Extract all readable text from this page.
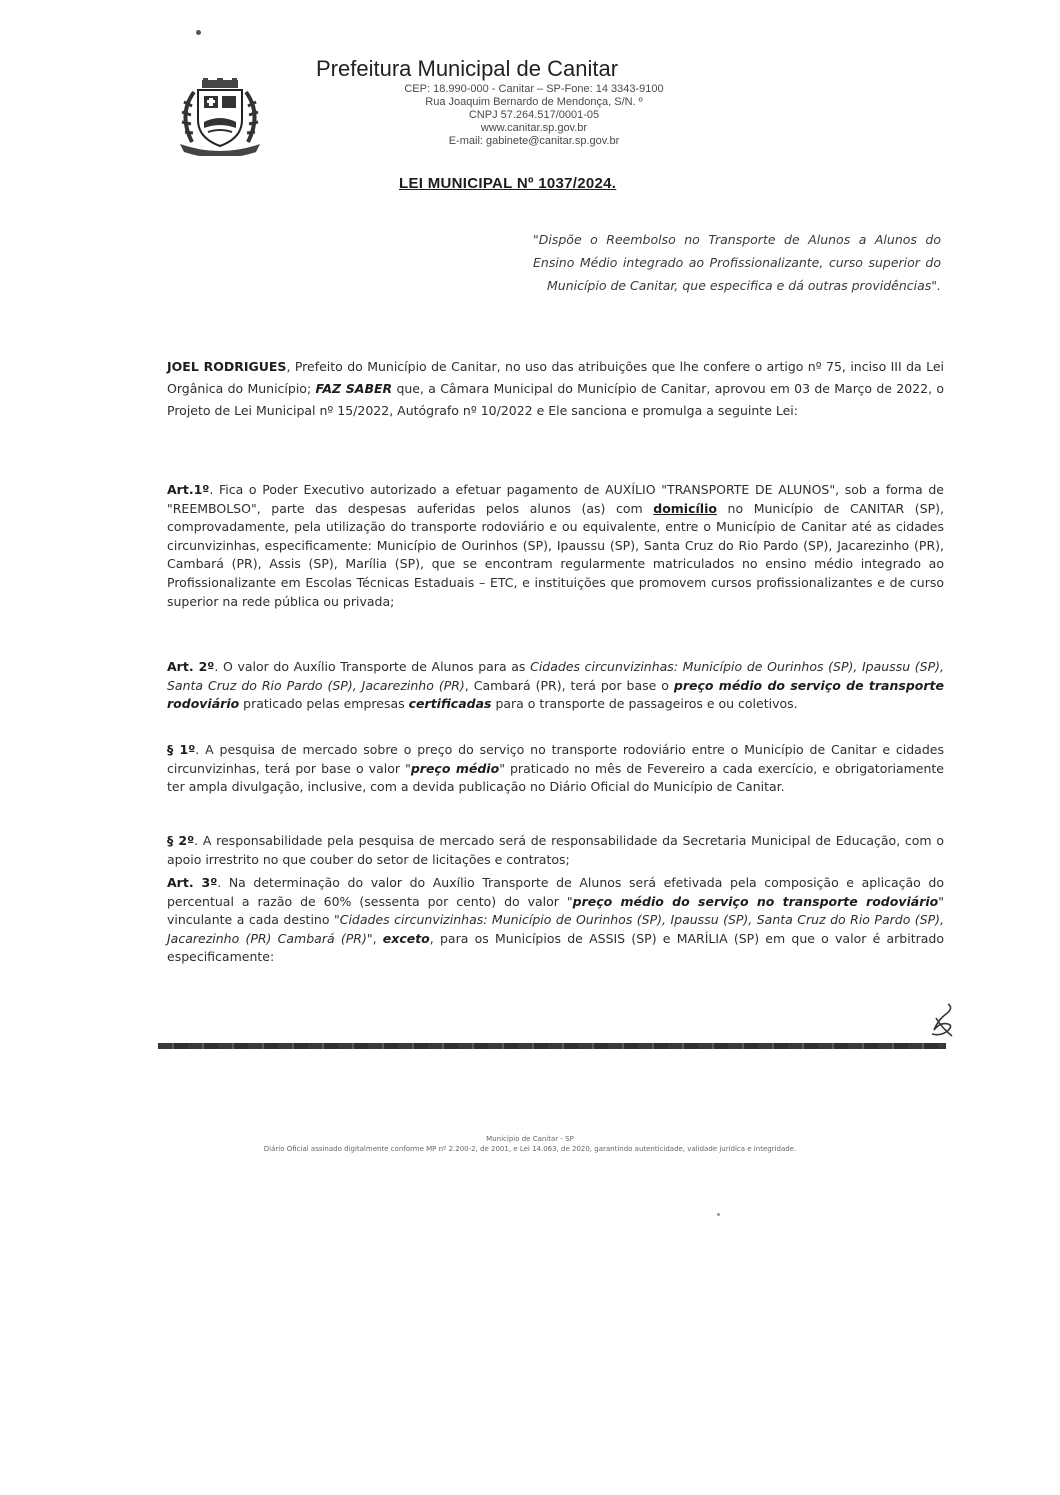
Prefeitura Municipal de Canitar
CEP: 18.990-000 - Canitar – SP-Fone: 14 3343-9100
Rua Joaquim Bernardo de Mendonça, S/N. º
CNPJ 57.264.517/0001-05
www.canitar.sp.gov.br
E-mail: gabinete@canitar.sp.gov.br
LEI MUNICIPAL Nº 1037/2024.
"Dispõe o Reembolso no Transporte de Alunos a Alunos do Ensino Médio integrado ao Profissionalizante, curso superior do Município de Canitar, que especifica e dá outras providências".
JOEL RODRIGUES, Prefeito do Município de Canitar, no uso das atribuições que lhe confere o artigo nº 75, inciso III da Lei Orgânica do Município; FAZ SABER que, a Câmara Municipal do Município de Canitar, aprovou em 03 de Março de 2022, o Projeto de Lei Municipal nº 15/2022, Autógrafo nº 10/2022 e Ele sanciona e promulga a seguinte Lei:

Art.1º. Fica o Poder Executivo autorizado a efetuar pagamento de AUXÍLIO "TRANSPORTE DE ALUNOS", sob a forma de "REEMBOLSO", parte das despesas auferidas pelos alunos (as) com domicílio no Município de CANITAR (SP), comprovadamente, pela utilização do transporte rodoviário e ou equivalente, entre o Município de Canitar até as cidades circunvizinhas, especificamente: Município de Ourinhos (SP), Ipaussu (SP), Santa Cruz do Rio Pardo (SP), Jacarezinho (PR), Cambará (PR), Assis (SP), Marília (SP), que se encontram regularmente matriculados no ensino médio integrado ao Profissionalizante em Escolas Técnicas Estaduais – ETC, e instituições que promovem cursos profissionalizantes e de curso superior na rede pública ou privada;

Art. 2º. O valor do Auxílio Transporte de Alunos para as Cidades circunvizinhas: Município de Ourinhos (SP), Ipaussu (SP), Santa Cruz do Rio Pardo (SP), Jacarezinho (PR), Cambará (PR), terá por base o preço médio do serviço de transporte rodoviário praticado pelas empresas certificadas para o transporte de passageiros e ou coletivos.

§ 1º. A pesquisa de mercado sobre o preço do serviço no transporte rodoviário entre o Município de Canitar e cidades circunvizinhas, terá por base o valor "preço médio" praticado no mês de Fevereiro a cada exercício, e obrigatoriamente ter ampla divulgação, inclusive, com a devida publicação no Diário Oficial do Município de Canitar.

§ 2º. A responsabilidade pela pesquisa de mercado será de responsabilidade da Secretaria Municipal de Educação, com o apoio irrestrito no que couber do setor de licitações e contratos;

Art. 3º. Na determinação do valor do Auxílio Transporte de Alunos será efetivada pela composição e aplicação do percentual a razão de 60% (sessenta por cento) do valor "preço médio do serviço no transporte rodoviário" vinculante a cada destino "Cidades circunvizinhas: Município de Ourinhos (SP), Ipaussu (SP), Santa Cruz do Rio Pardo (SP), Jacarezinho (PR) Cambará (PR)", exceto, para os Municípios de ASSIS (SP) e MARÍLIA (SP) em que o valor é arbitrado especificamente:

Município de Canitar - SP
Diário Oficial assinado digitalmente conforme MP nº 2.200-2, de 2001, e Lei 14.063, de 2020, garantindo autenticidade, validade jurídica e integridade.
